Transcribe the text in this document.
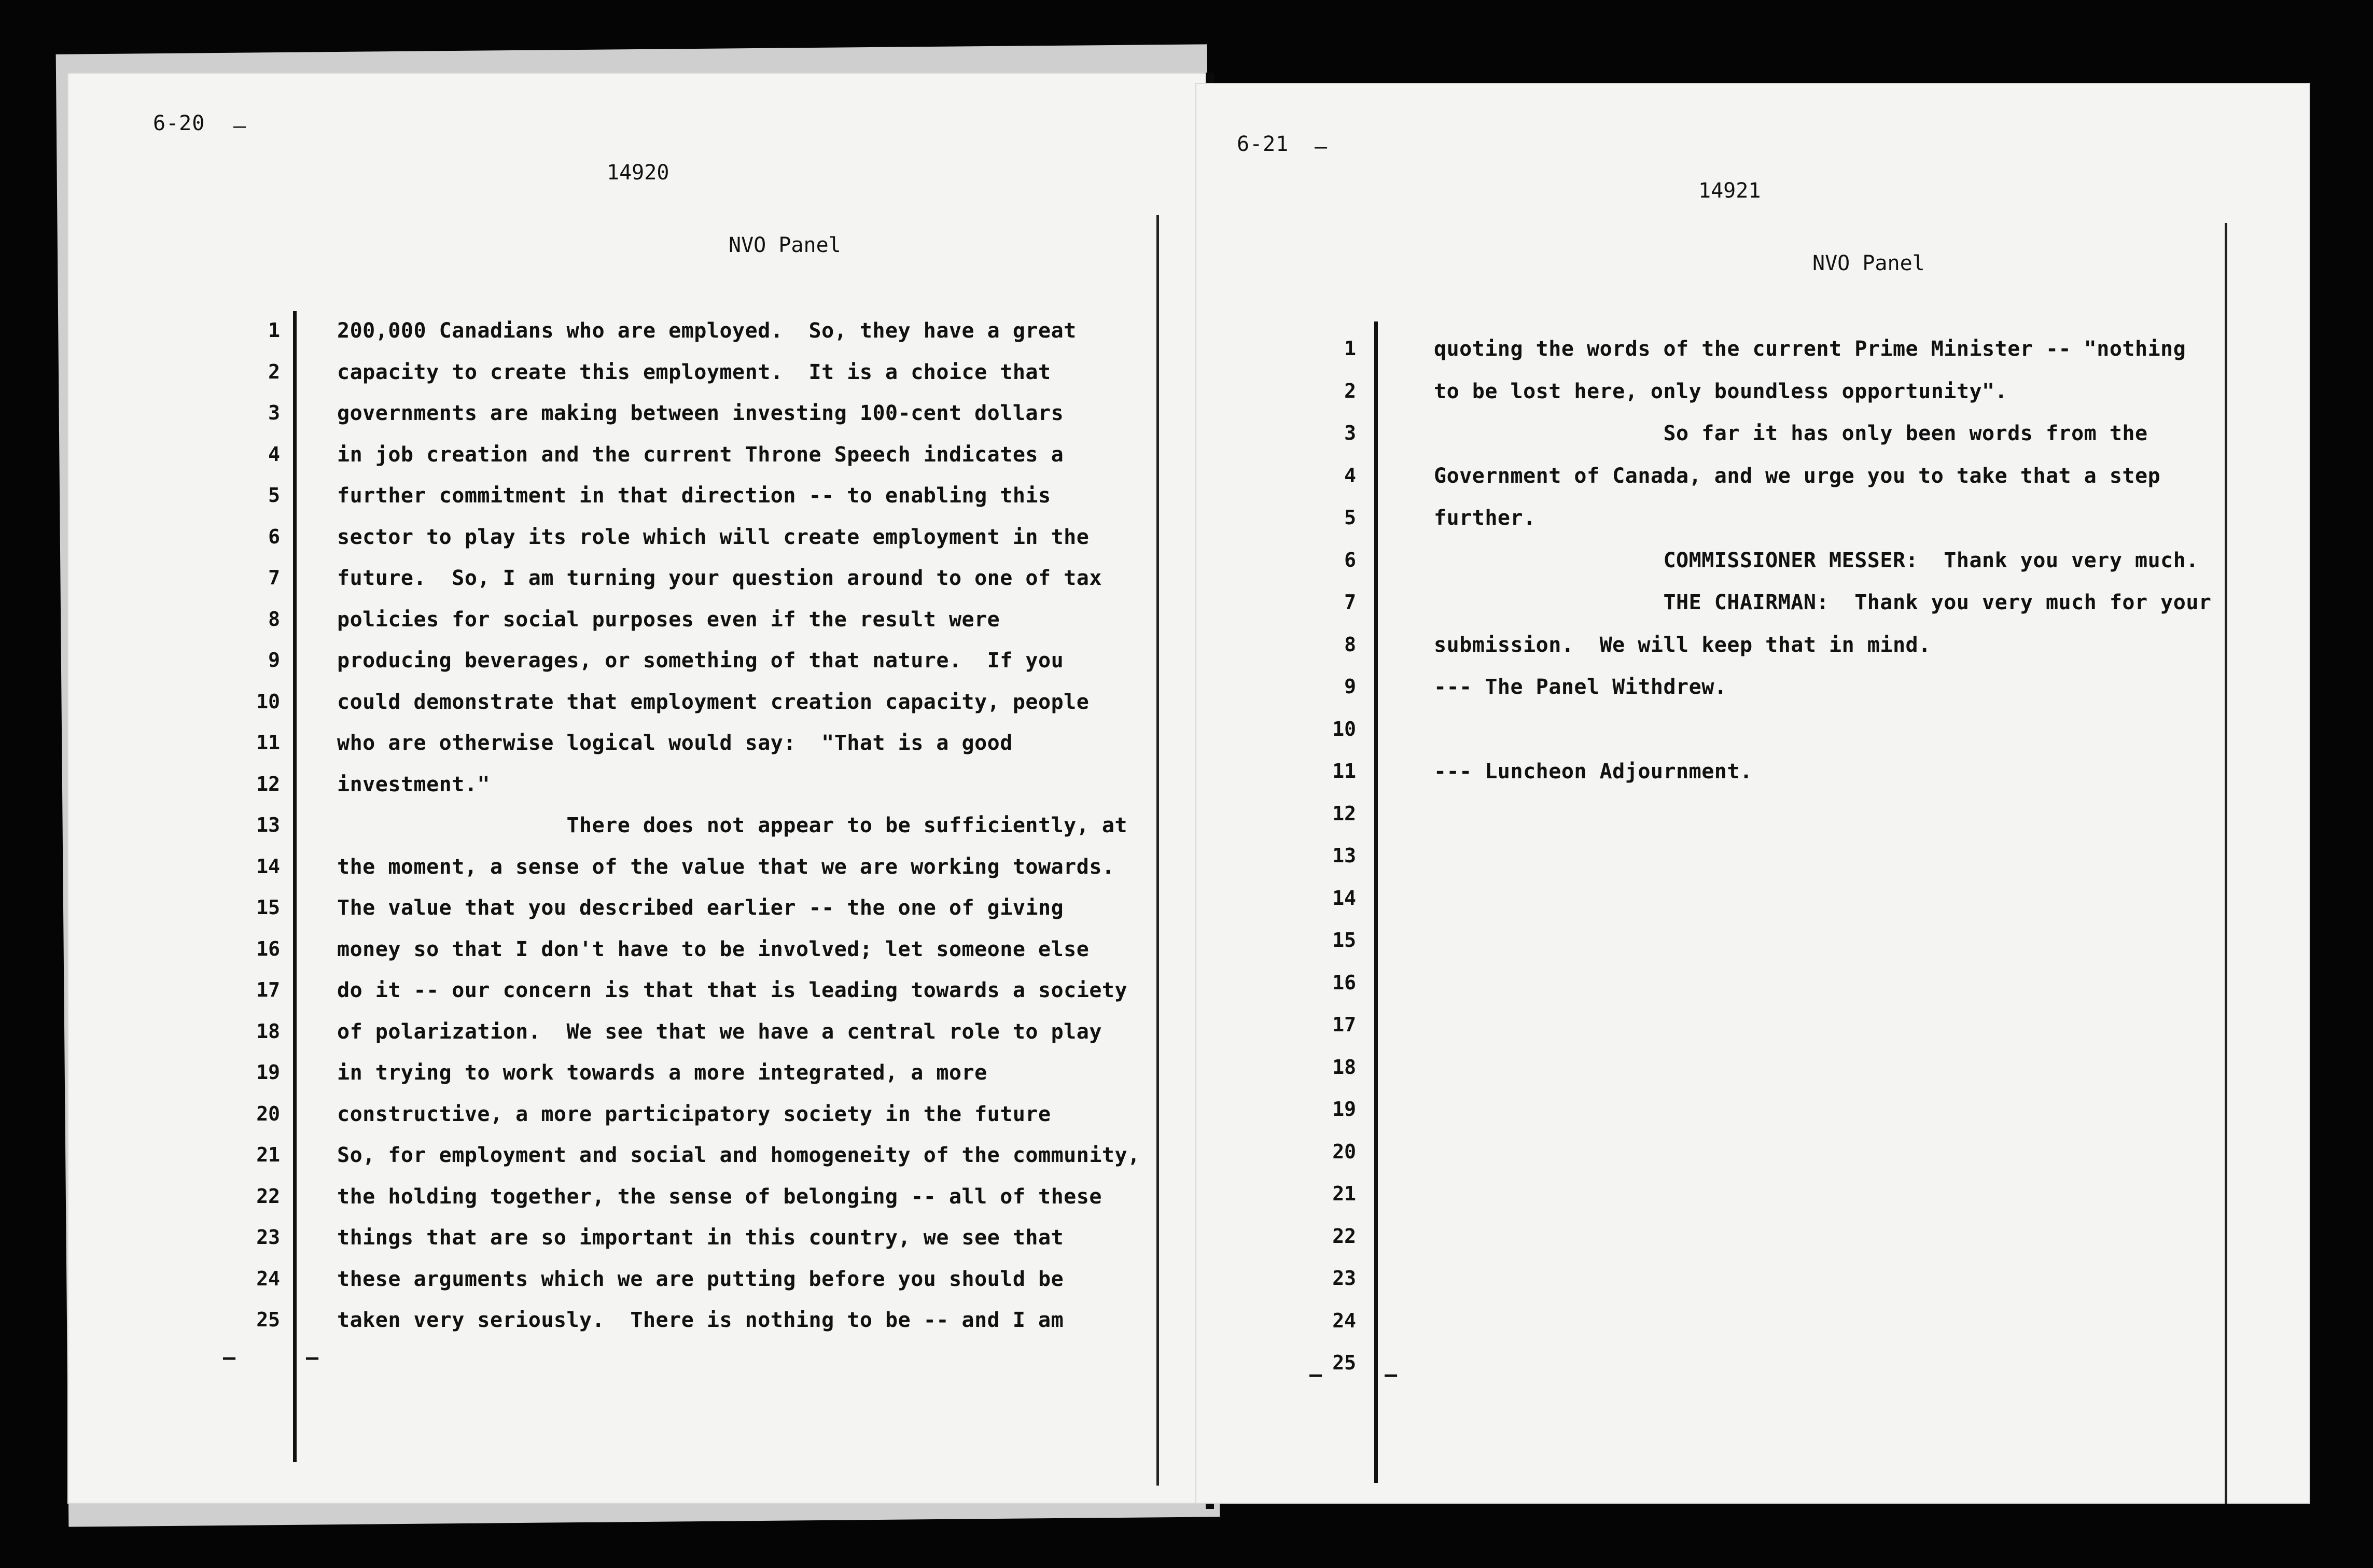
6-20 —
14920
NVO Panel
1
2
3
4
5
6
7
8
9
10
11
12
13
14
15
16
17
18
19
20
21
22
23
24
25
200,000 Canadians who are employed.  So, they have a great
capacity to create this employment.  It is a choice that
governments are making between investing 100-cent dollars
in job creation and the current Throne Speech indicates a
further commitment in that direction -- to enabling this
sector to play its role which will create employment in the
future.  So, I am turning your question around to one of tax
policies for social purposes even if the result were
producing beverages, or something of that nature.  If you
could demonstrate that employment creation capacity, people
who are otherwise logical would say:  "That is a good
investment."
There does not appear to be sufficiently, at
the moment, a sense of the value that we are working towards.
The value that you described earlier -- the one of giving
money so that I don't have to be involved; let someone else
do it -- our concern is that that is leading towards a society
of polarization.  We see that we have a central role to play
in trying to work towards a more integrated, a more
constructive, a more participatory society in the future
So, for employment and social and homogeneity of the community,
the holding together, the sense of belonging -- all of these
things that are so important in this country, we see that
these arguments which we are putting before you should be
taken very seriously.  There is nothing to be -- and I am
—	—
6-21 —
14921
NVO Panel
1
2
3
4
5
6
7
8
9
10
11
12
13
14
15
16
17
18
19
20
21
22
23
24
25
quoting the words of the current Prime Minister -- "nothing
to be lost here, only boundless opportunity".
So far it has only been words from the
Government of Canada, and we urge you to take that a step
further.
COMMISSIONER MESSER:  Thank you very much.
THE CHAIRMAN:  Thank you very much for your
submission.  We will keep that in mind.
--- The Panel Withdrew.
--- Luncheon Adjournment.
—	—
